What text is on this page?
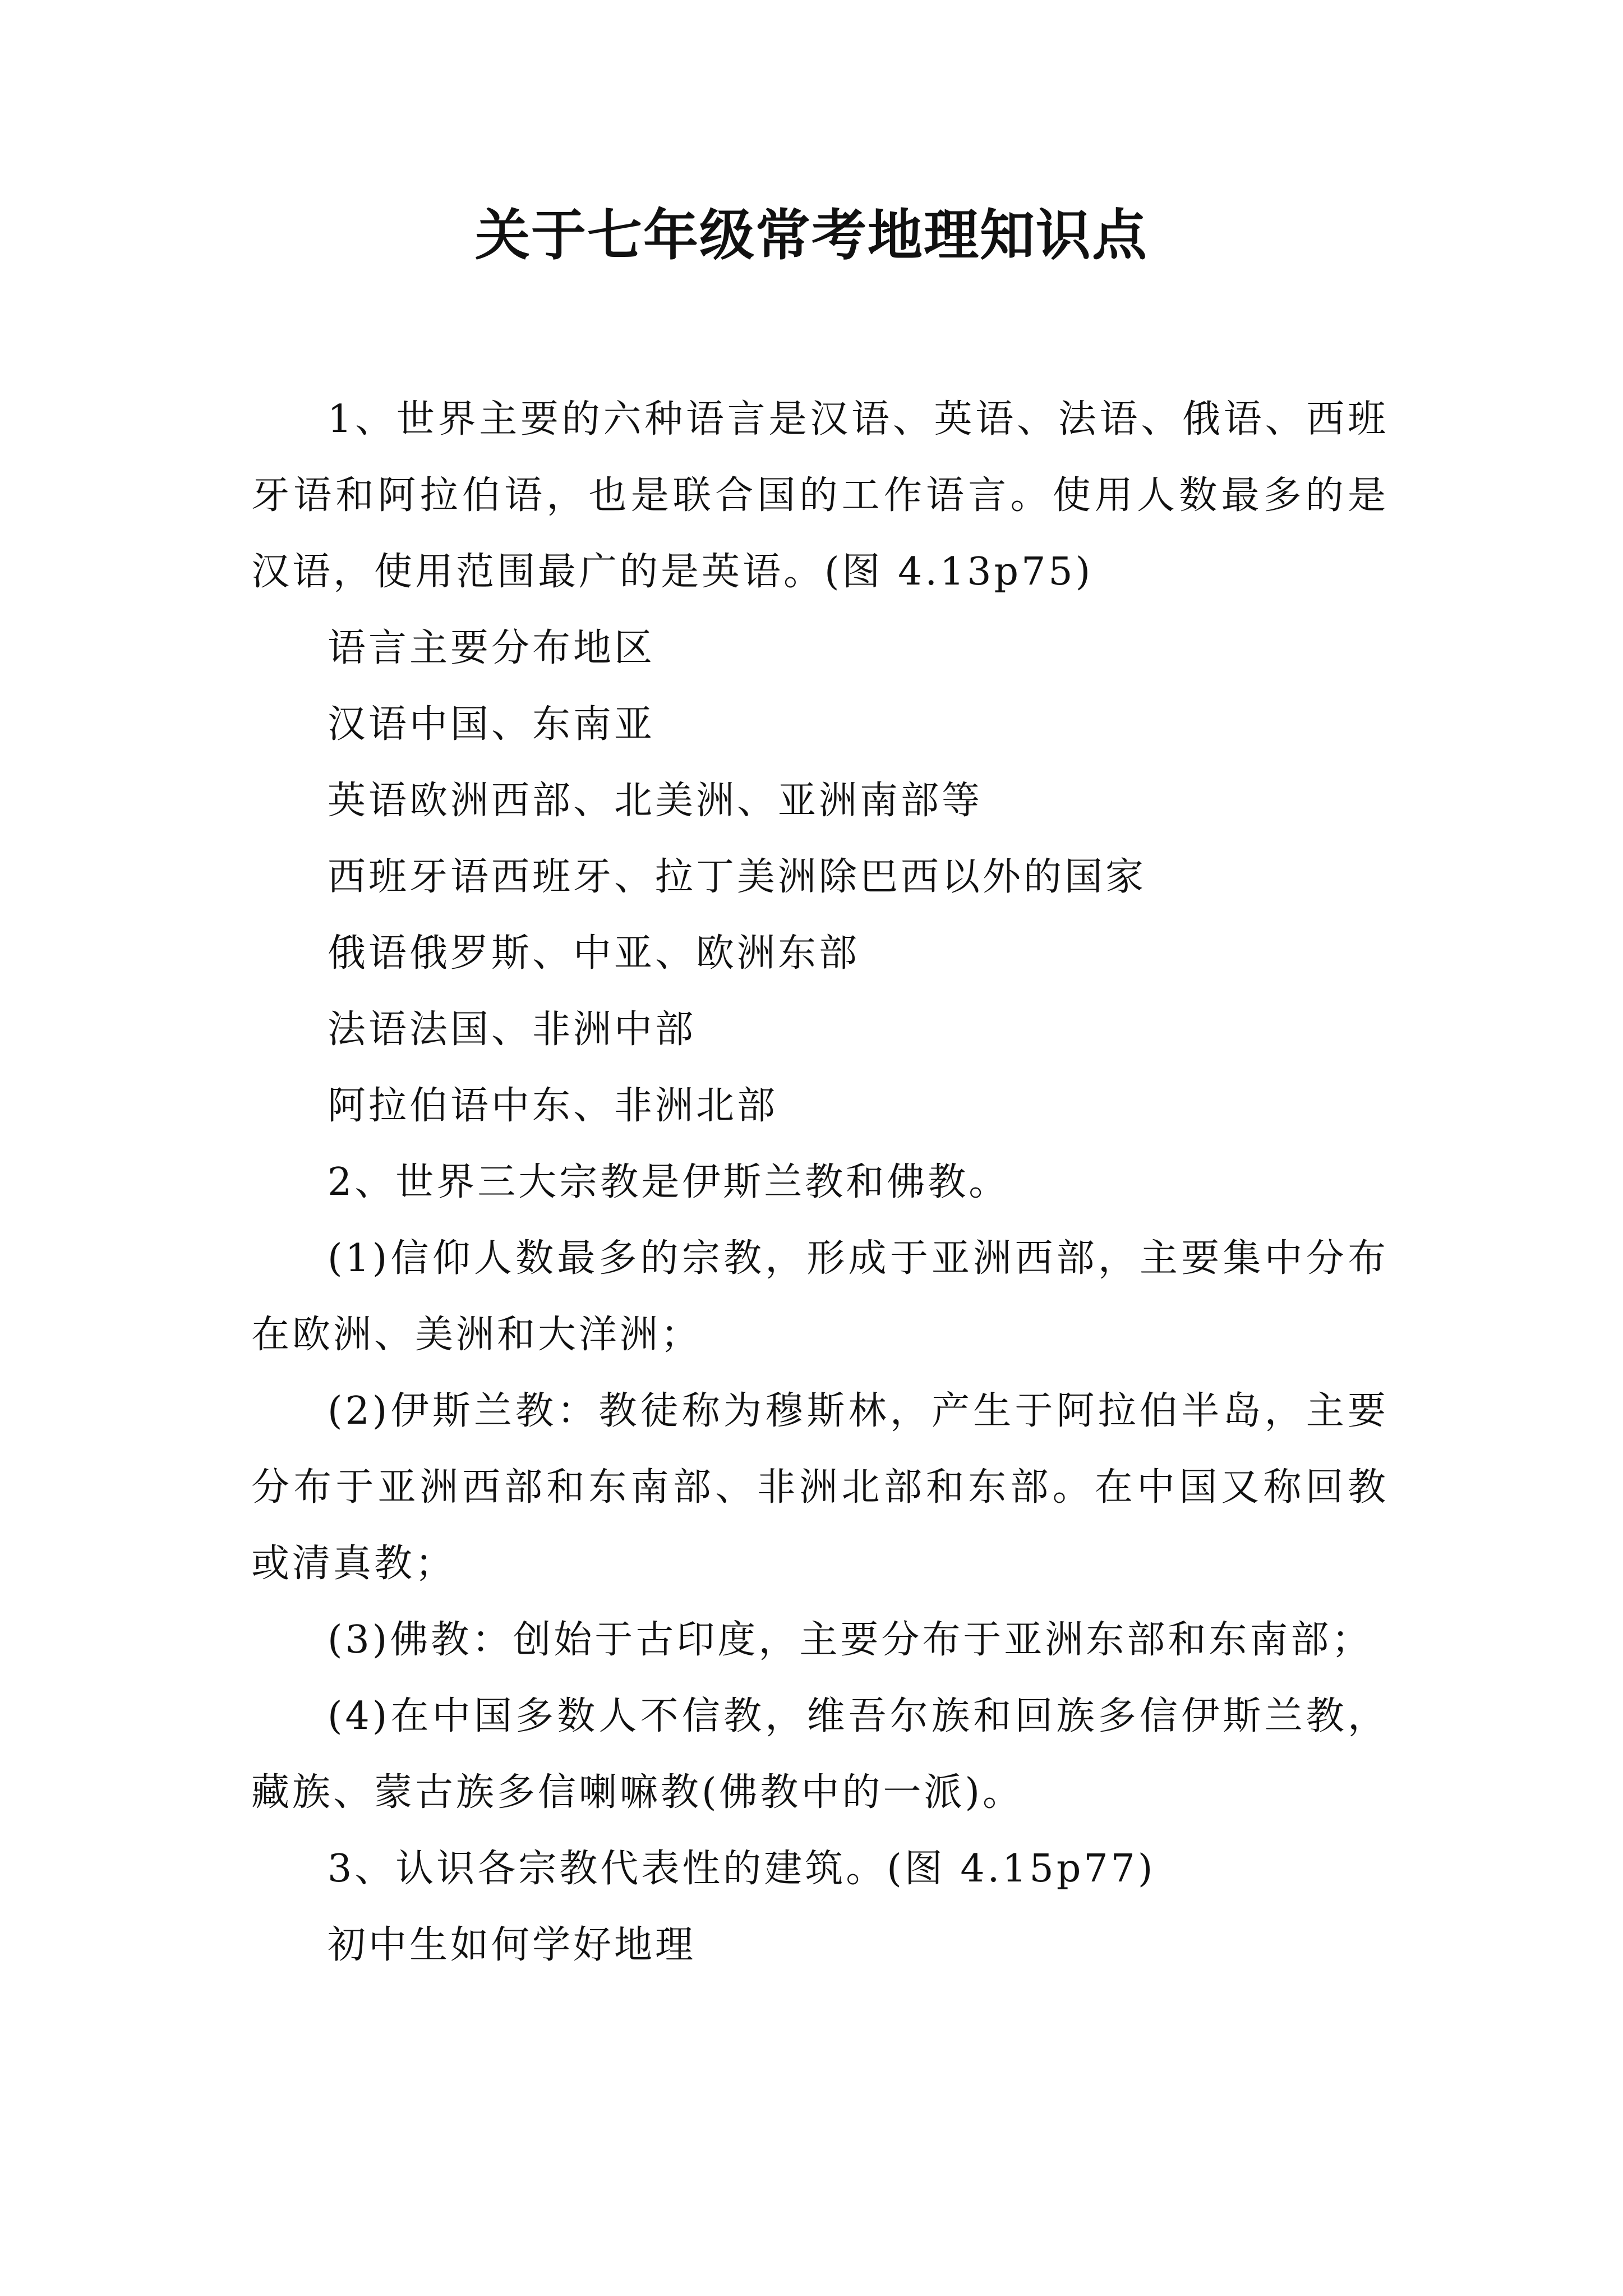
关于七年级常考地理知识点

1、世界主要的六种语言是汉语、英语、法语、俄语、西班牙语和阿拉伯语，也是联合国的工作语言。使用人数最多的是汉语，使用范围最广的是英语。(图 4.13p75)

语言主要分布地区

汉语中国、东南亚

英语欧洲西部、北美洲、亚洲南部等

西班牙语西班牙、拉丁美洲除巴西以外的国家

俄语俄罗斯、中亚、欧洲东部

法语法国、非洲中部

阿拉伯语中东、非洲北部

2、世界三大宗教是伊斯兰教和佛教。

(1)信仰人数最多的宗教，形成于亚洲西部，主要集中分布在欧洲、美洲和大洋洲；

(2)伊斯兰教：教徒称为穆斯林，产生于阿拉伯半岛，主要分布于亚洲西部和东南部、非洲北部和东部。在中国又称回教或清真教；

(3)佛教：创始于古印度，主要分布于亚洲东部和东南部；

(4)在中国多数人不信教，维吾尔族和回族多信伊斯兰教，藏族、蒙古族多信喇嘛教(佛教中的一派)。

3、认识各宗教代表性的建筑。(图 4.15p77)

初中生如何学好地理
